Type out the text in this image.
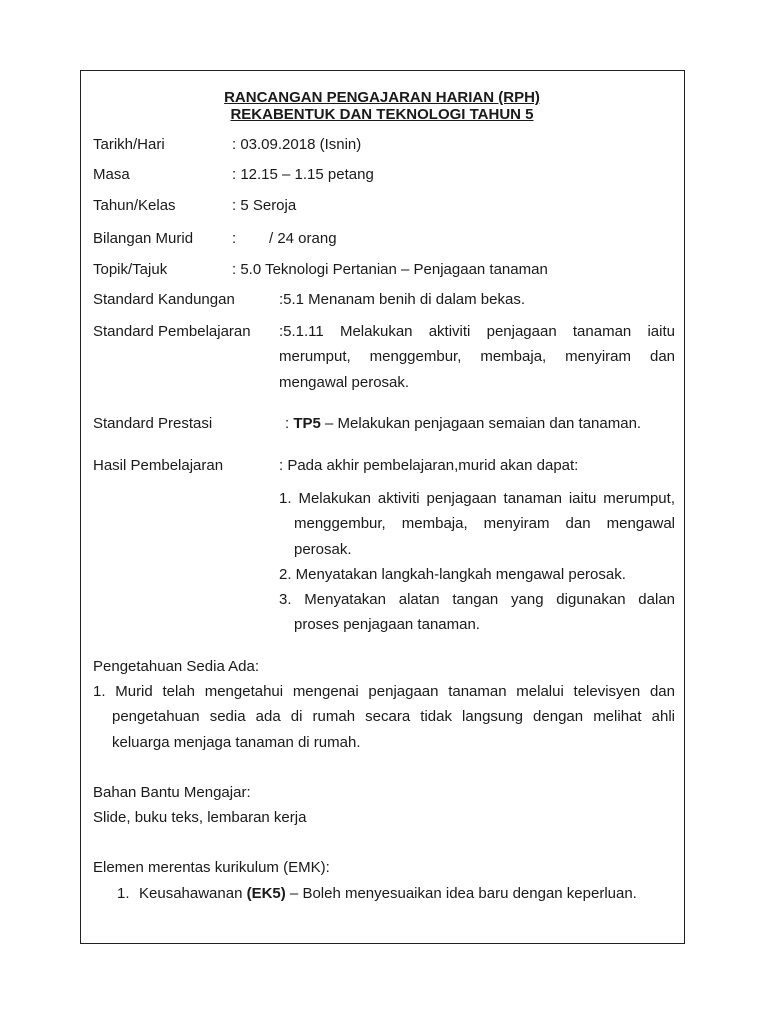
RANCANGAN PENGAJARAN HARIAN (RPH)
REKABENTUK DAN TEKNOLOGI TAHUN 5
Tarikh/Hari	: 03.09.2018 (Isnin)
Masa	: 12.15 – 1.15 petang
Tahun/Kelas	: 5 Seroja
Bilangan Murid	: / 24 orang
Topik/Tajuk	: 5.0 Teknologi Pertanian – Penjagaan tanaman
Standard Kandungan	:5.1 Menanam benih di dalam bekas.
Standard Pembelajaran :5.1.11 Melakukan aktiviti penjagaan tanaman iaitu
merumput, menggembur, membaja, menyiram dan
mengawal perosak.
Standard Prestasi	: TP5 – Melakukan penjagaan semaian dan tanaman.
Hasil Pembelajaran	: Pada akhir pembelajaran,murid akan dapat:
1. Melakukan aktiviti penjagaan tanaman iaitu merumput,
menggembur, membaja, menyiram dan mengawal
perosak.
2. Menyatakan langkah-langkah mengawal perosak.
3. Menyatakan alatan tangan yang digunakan dalan
proses penjagaan tanaman.
Pengetahuan Sedia Ada:
1. Murid telah mengetahui mengenai penjagaan tanaman melalui televisyen dan
pengetahuan sedia ada di rumah secara tidak langsung dengan melihat ahli
keluarga menjaga tanaman di rumah.
Bahan Bantu Mengajar:
Slide, buku teks, lembaran kerja
Elemen merentas kurikulum (EMK):
1. Keusahawanan (EK5) – Boleh menyesuaikan idea baru dengan keperluan.
